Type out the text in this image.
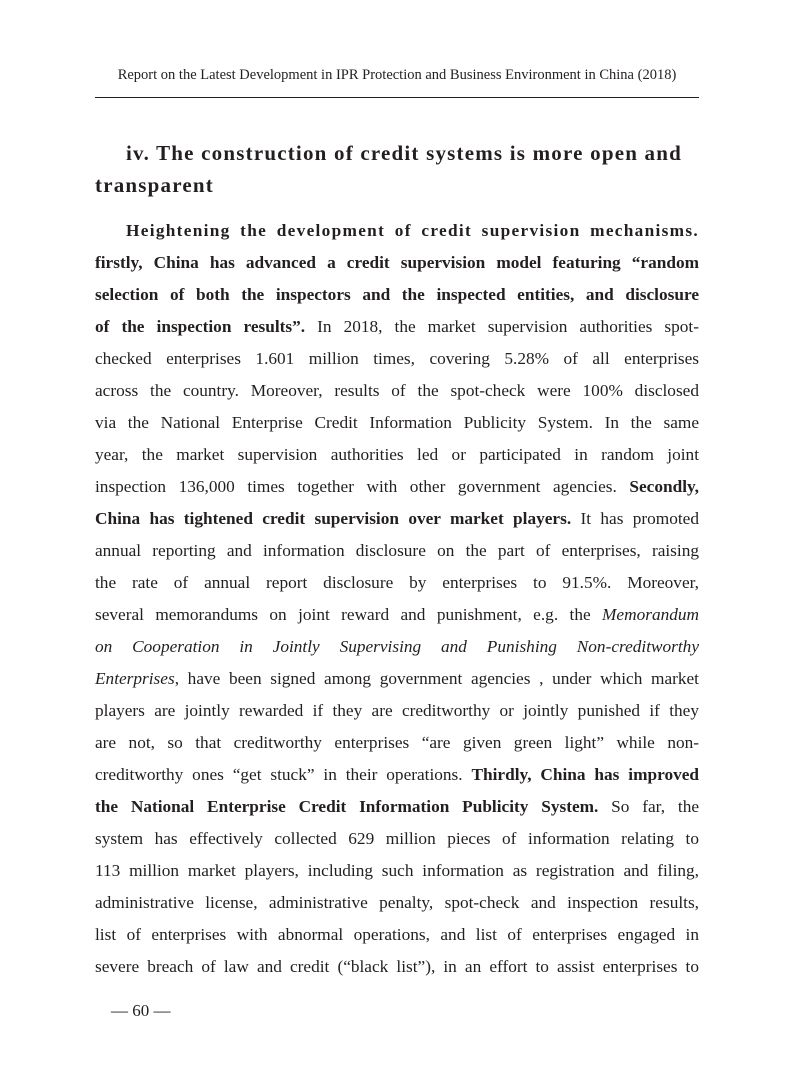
Report on the Latest Development in IPR Protection and Business Environment in China (2018)
iv. The construction of credit systems is more open and
transparent
Heightening the development of credit supervision mechanisms.
firstly, China has advanced a credit supervision model featuring “random
selection of both the inspectors and the inspected entities, and disclosure
of the inspection results”. In 2018, the market supervision authorities spot-
checked enterprises 1.601 million times, covering 5.28% of all enterprises
across the country. Moreover, results of the spot-check were 100% disclosed
via the National Enterprise Credit Information Publicity System. In the same
year, the market supervision authorities led or participated in random joint
inspection 136,000 times together with other government agencies. Secondly,
China has tightened credit supervision over market players. It has promoted
annual reporting and information disclosure on the part of enterprises, raising
the rate of annual report disclosure by enterprises to 91.5%. Moreover,
several memorandums on joint reward and punishment, e.g. the Memorandum
on Cooperation in Jointly Supervising and Punishing Non-creditworthy
Enterprises, have been signed among government agencies , under which market
players are jointly rewarded if they are creditworthy or jointly punished if they
are not, so that creditworthy enterprises “are given green light” while non-
creditworthy ones “get stuck” in their operations. Thirdly, China has improved
the National Enterprise Credit Information Publicity System. So far, the
system has effectively collected 629 million pieces of information relating to
113 million market players, including such information as registration and filing,
administrative license, administrative penalty, spot-check and inspection results,
list of enterprises with abnormal operations, and list of enterprises engaged in
severe breach of law and credit (“black list”), in an effort to assist enterprises to
— 60 —
